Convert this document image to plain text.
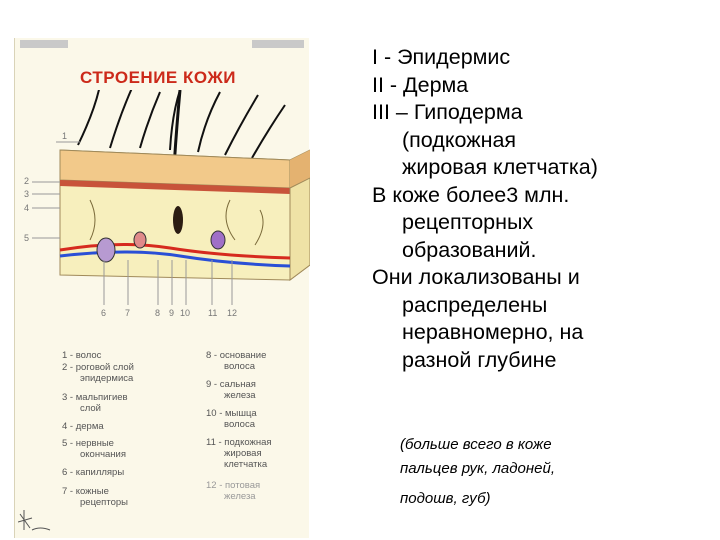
СТРОЕНИЕ КОЖИ
1
2
3
4
5
6 7	8 9 10 11 12
1 - волос
2 - роговой слой
эпидермиса
3 - мальпигиев
слой
4 - дерма
5 - нервные
окончания
6 - капилляры
7 - кожные
рецепторы
8 - основание
волоса
9 - сальная
железа
10 - мышца
волоса
11 - подкожная
жировая
клетчатка
12 - потовая
железа
I - Эпидермис
II - Дерма
III – Гиподерма
(подкожная
жировая клетчатка)
В коже более3 млн.
рецепторных
образований.
Они локализованы и
распределены
неравномерно, на
разной глубине
(больше всего в коже
пальцев рук, ладоней,
подошв, губ)
